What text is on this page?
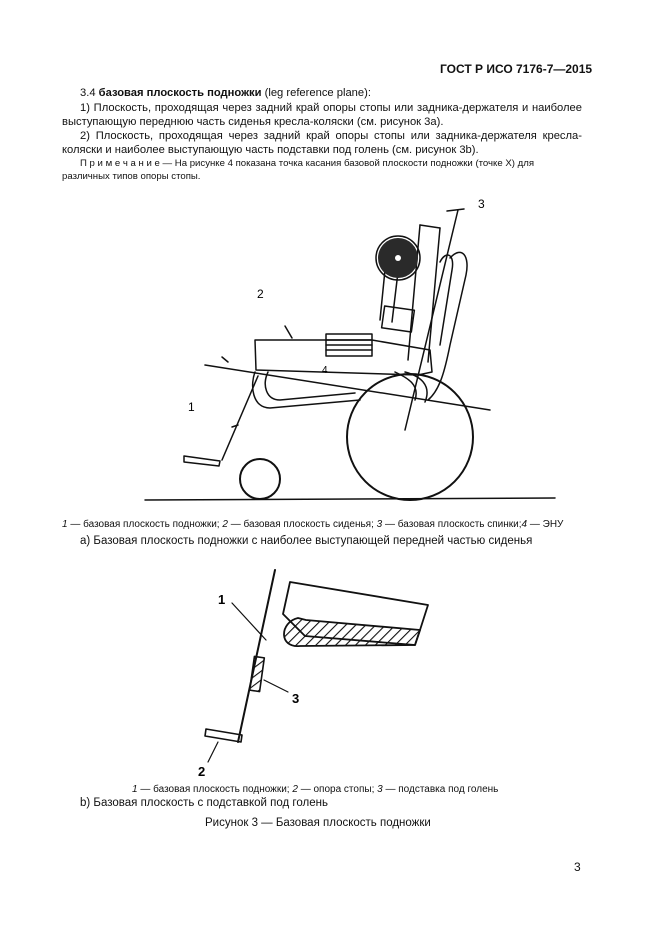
ГОСТ Р ИСО 7176-7—2015
3.4 базовая плоскость подножки (leg reference plane):
1) Плоскость, проходящая через задний край опоры стопы или задника-держателя и наиболее
выступающую переднюю часть сиденья кресла-коляски (см. рисунок 3а).
2) Плоскость, проходящая через задний край опоры стопы или задника-держателя кресла-
коляски и наиболее выступающую часть подставки под голень (см. рисунок 3b).
П р и м е ч а н и е — На рисунке 4 показана точка касания базовой плоскости подножки (точке X) для
различных типов опоры стопы.
3
2
4
1
1 — базовая плоскость подножки; 2 — базовая плоскость сиденья; 3 — базовая плоскость спинки;4 — ЭНУ
a) Базовая плоскость подножки с наиболее выступающей передней частью сиденья
1
3
2
1 — базовая плоскость подножки; 2 — опора стопы; 3 — подставка под голень
b) Базовая плоскость с подставкой под голень
Рисунок 3 — Базовая плоскость подножки
3
